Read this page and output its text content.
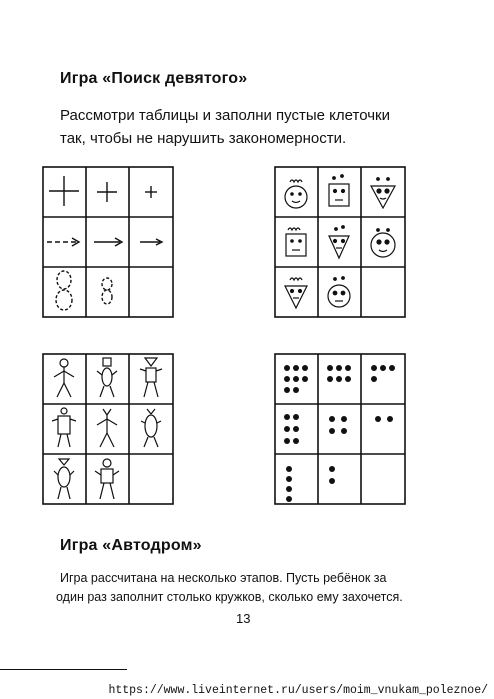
Игра «Поиск девятого»
Рассмотри таблицы и заполни пустые клеточки
так, чтобы не нарушить закономерности.
Игра «Автодром»
Игра рассчитана на несколько этапов. Пусть ребёнок за
один раз заполнит столько кружков, сколько ему захочется.
13
https://www.liveinternet.ru/users/moim_vnukam_poleznoe/
